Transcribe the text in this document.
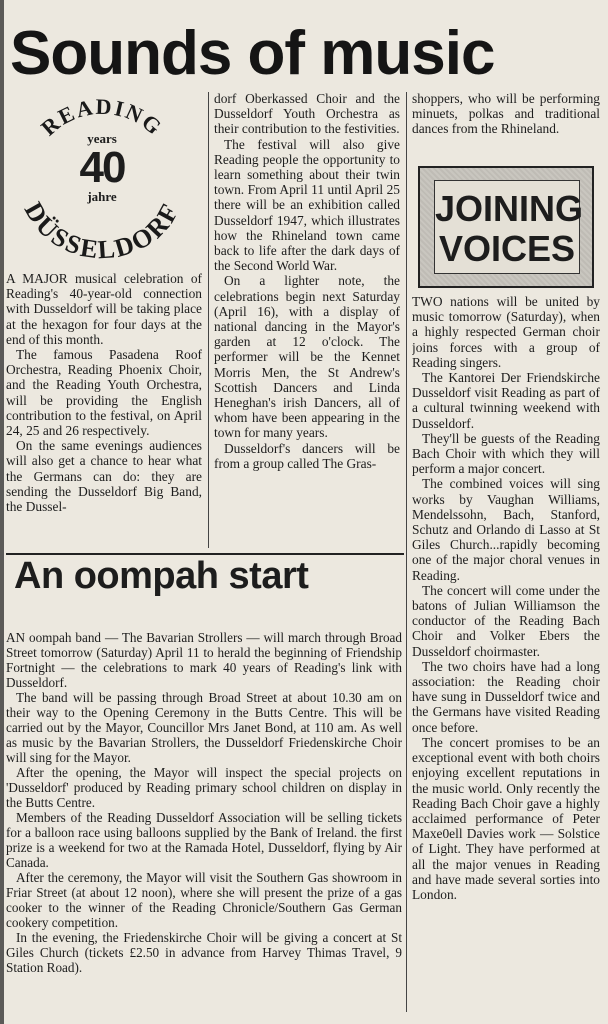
Sounds of music
READING
DÜSSELDORF
years
40
jahre

A MAJOR musical celebration of Reading's 40-year-old connection with Dusseldorf will be taking place at the hexagon for four days at the end of this month.

The famous Pasadena Roof Orchestra, Reading Phoenix Choir, and the Reading Youth Orchestra, will be providing the English contribution to the festival, on April 24, 25 and 26 respectively.

On the same evenings audiences will also get a chance to hear what the Germans can do: they are sending the Dusseldorf Big Band, the Dussel-

dorf Oberkassed Choir and the Dusseldorf Youth Orchestra as their contribution to the festivities.

The festival will also give Reading people the opportunity to learn something about their twin town. From April 11 until April 25 there will be an exhibition called Dusseldorf 1947, which illustrates how the Rhineland town came back to life after the dark days of the Second World War.

On a lighter note, the celebrations begin next Saturday (April 16), with a display of national dancing in the Mayor's garden at 12 o'clock. The performer will be the Kennet Morris Men, the St Andrew's Scottish Dancers and Linda Heneghan's irish Dancers, all of whom have been appearing in the town for many years.

Dusseldorf's dancers will be from a group called The Gras-

shoppers, who will be performing minuets, polkas and traditional dances from the Rhineland.

JOINING
VOICES

TWO nations will be united by music tomorrow (Saturday), when a highly respected German choir joins forces with a group of Reading singers.

The Kantorei Der Friendskirche Dusseldorf visit Reading as part of a cultural twinning weekend with Dusseldorf.

They'll be guests of the Reading Bach Choir with which they will perform a major concert.

The combined voices will sing works by Vaughan Williams, Mendelssohn, Bach, Stanford, Schutz and Orlando di Lasso at St Giles Church...rapidly becoming one of the major choral venues in Reading.

The concert will come under the batons of Julian Williamson the conductor of the Reading Bach Choir and Volker Ebers the Dusseldorf choirmaster.

The two choirs have had a long association: the Reading choir have sung in Dusseldorf twice and the Germans have visited Reading once before.

The concert promises to be an exceptional event with both choirs enjoying excellent reputations in the music world. Only recently the Reading Bach Choir gave a highly acclaimed performance of Peter Maxe0ell Davies work — Solstice of Light. They have performed at all the major venues in Reading and have made several sorties into London.

An oompah start

AN oompah band — The Bavarian Strollers — will march through Broad Street tomorrow (Saturday) April 11 to herald the beginning of Friendship Fortnight — the celebrations to mark 40 years of Reading's link with Dusseldorf.

The band will be passing through Broad Street at about 10.30 am on their way to the Opening Ceremony in the Butts Centre. This will be carried out by the Mayor, Councillor Mrs Janet Bond, at 110 am. As well as music by the Bavarian Strollers, the Dusseldorf Friedenskirche Choir will sing for the Mayor.

After the opening, the Mayor will inspect the special projects on 'Dusseldorf' produced by Reading primary school children on display in the Butts Centre.

Members of the Reading Dusseldorf Association will be selling tickets for a balloon race using balloons supplied by the Bank of Ireland. the first prize is a weekend for two at the Ramada Hotel, Dusseldorf, flying by Air Canada.

After the ceremony, the Mayor will visit the Southern Gas showroom in Friar Street (at about 12 noon), where she will present the prize of a gas cooker to the winner of the Reading Chronicle/Southern Gas German cookery competition.

In the evening, the Friedenskirche Choir will be giving a concert at St Giles Church (tickets £2.50 in advance from Harvey Thimas Travel, 9 Station Road).
